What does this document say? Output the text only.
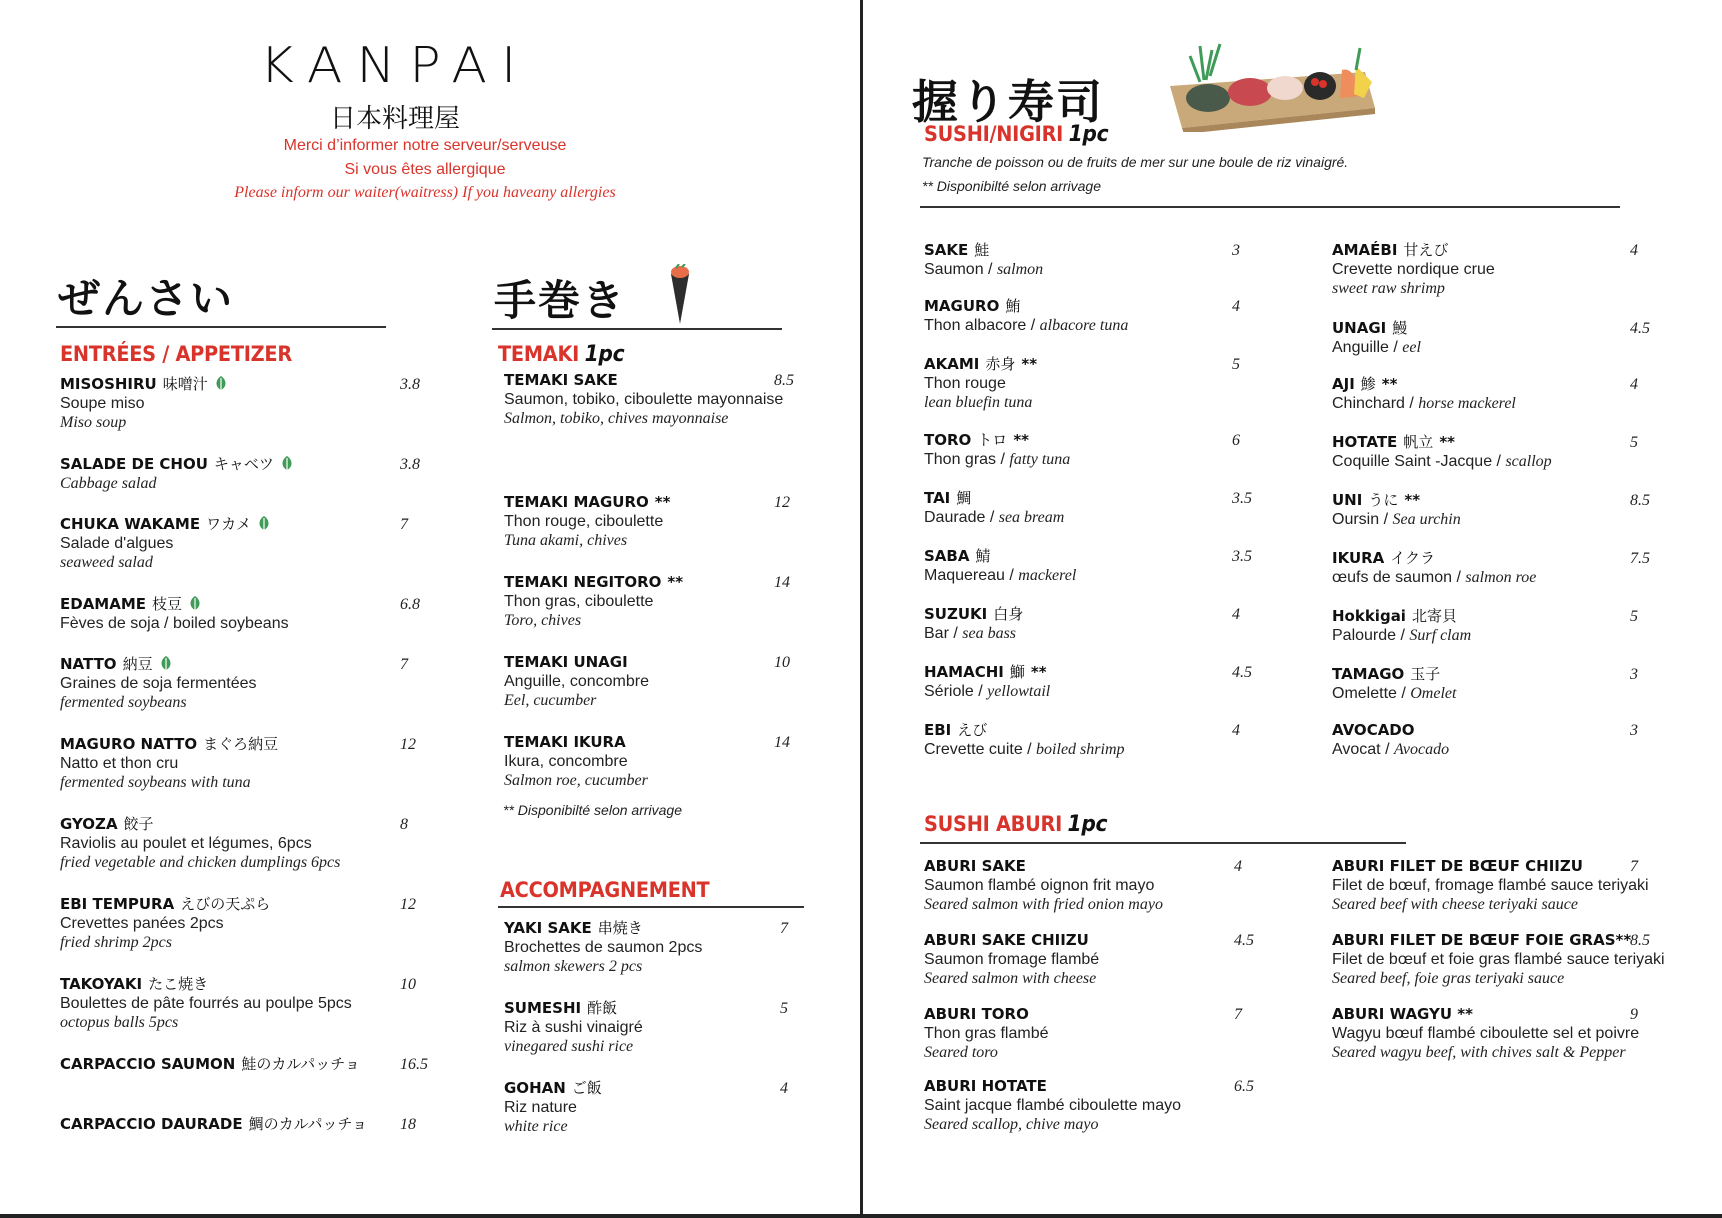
KANPAI
日本料理屋
Merci d’informer notre serveur/serveuse
Si vous êtes allergique
Please inform our waiter(waitress) If you haveany allergies
ぜんさい
ENTRÉES / APPETIZER
MISOSHIRU 味噌汁
Soupe miso
Miso soup
3.8
SALADE DE CHOU キャベツ
Cabbage salad
3.8
CHUKA WAKAME ワカメ
Salade d'algues
seaweed salad
7
EDAMAME 枝豆
Fèves de soja / boiled soybeans
6.8
NATTO 納豆
Graines de soja fermentées
fermented soybeans
7
MAGURO NATTO まぐろ納豆
Natto et thon cru
fermented soybeans with tuna
12
GYOZA 餃子
Raviolis au poulet et légumes, 6pcs
fried vegetable and chicken dumplings 6pcs
8
EBI TEMPURA えびの天ぷら
Crevettes panées 2pcs
fried shrimp 2pcs
12
TAKOYAKI たこ焼き
Boulettes de pâte fourrés au poulpe 5pcs
octopus balls 5pcs
10
CARPACCIO SAUMON 鮭のカルパッチョ	16.5
CARPACCIO DAURADE 鯛のカルパッチョ	18
手巻き
TEMAKI 1pc
TEMAKI SAKE
Saumon, tobiko, ciboulette mayonnaise
Salmon, tobiko, chives mayonnaise
8.5
TEMAKI MAGURO **
Thon rouge, ciboulette
Tuna akami, chives
12
TEMAKI NEGITORO **
Thon gras, ciboulette
Toro, chives
14
TEMAKI UNAGI
Anguille, concombre
Eel, cucumber
10
TEMAKI IKURA
Ikura, concombre
Salmon roe, cucumber
14
** Disponibilté selon arrivage
ACCOMPAGNEMENT
YAKI SAKE 串焼き
Brochettes de saumon 2pcs
salmon skewers 2 pcs
7
SUMESHI 酢飯
Riz à sushi vinaigré
vinegared sushi rice
5
GOHAN ご飯
Riz nature
white rice
4
握り寿司
SUSHI/NIGIRI 1pc
Tranche de poisson ou de fruits de mer sur une boule de riz vinaigré.
** Disponibilté selon arrivage
SAKE 鮭
Saumon / salmon
3
MAGURO 鮪
Thon albacore / albacore tuna
4
AKAMI 赤身 **
Thon rouge
lean bluefin tuna
5
TORO トロ **
Thon gras / fatty tuna
6
TAI 鯛
Daurade / sea bream
3.5
SABA 鯖
Maquereau / mackerel
3.5
SUZUKI 白身
Bar / sea bass
4
HAMACHI 鰤 **
Sériole / yellowtail
4.5
EBI えび
Crevette cuite / boiled shrimp
4
AMAÉBI 甘えび
Crevette nordique crue
sweet raw shrimp
4
UNAGI 鰻
Anguille / eel
4.5
AJI 鯵 **
Chinchard / horse mackerel
4
HOTATE 帆立 **
Coquille Saint -Jacque / scallop
5
UNI うに **
Oursin / Sea urchin
8.5
IKURA イクラ
œufs de saumon / salmon roe
7.5
Hokkigai 北寄貝
Palourde / Surf clam
5
TAMAGO 玉子
Omelette / Omelet
3
AVOCADO
Avocat / Avocado
3
SUSHI ABURI 1pc
ABURI SAKE
Saumon flambé oignon frit mayo
Seared salmon with fried onion mayo
4
ABURI SAKE CHIIZU
Saumon fromage flambé
Seared salmon with cheese
4.5
ABURI TORO
Thon gras flambé
Seared toro
7
ABURI HOTATE
Saint jacque flambé ciboulette mayo
Seared scallop, chive mayo
6.5
ABURI FILET DE BŒUF CHIIZU
Filet de bœuf, fromage flambé sauce teriyaki
Seared beef with cheese teriyaki sauce
7
ABURI FILET DE BŒUF FOIE GRAS**
Filet de bœuf et foie gras flambé sauce teriyaki
Seared beef, foie gras teriyaki sauce
8.5
ABURI WAGYU **
Wagyu bœuf flambé ciboulette sel et poivre
Seared wagyu beef, with chives salt & Pepper
9
